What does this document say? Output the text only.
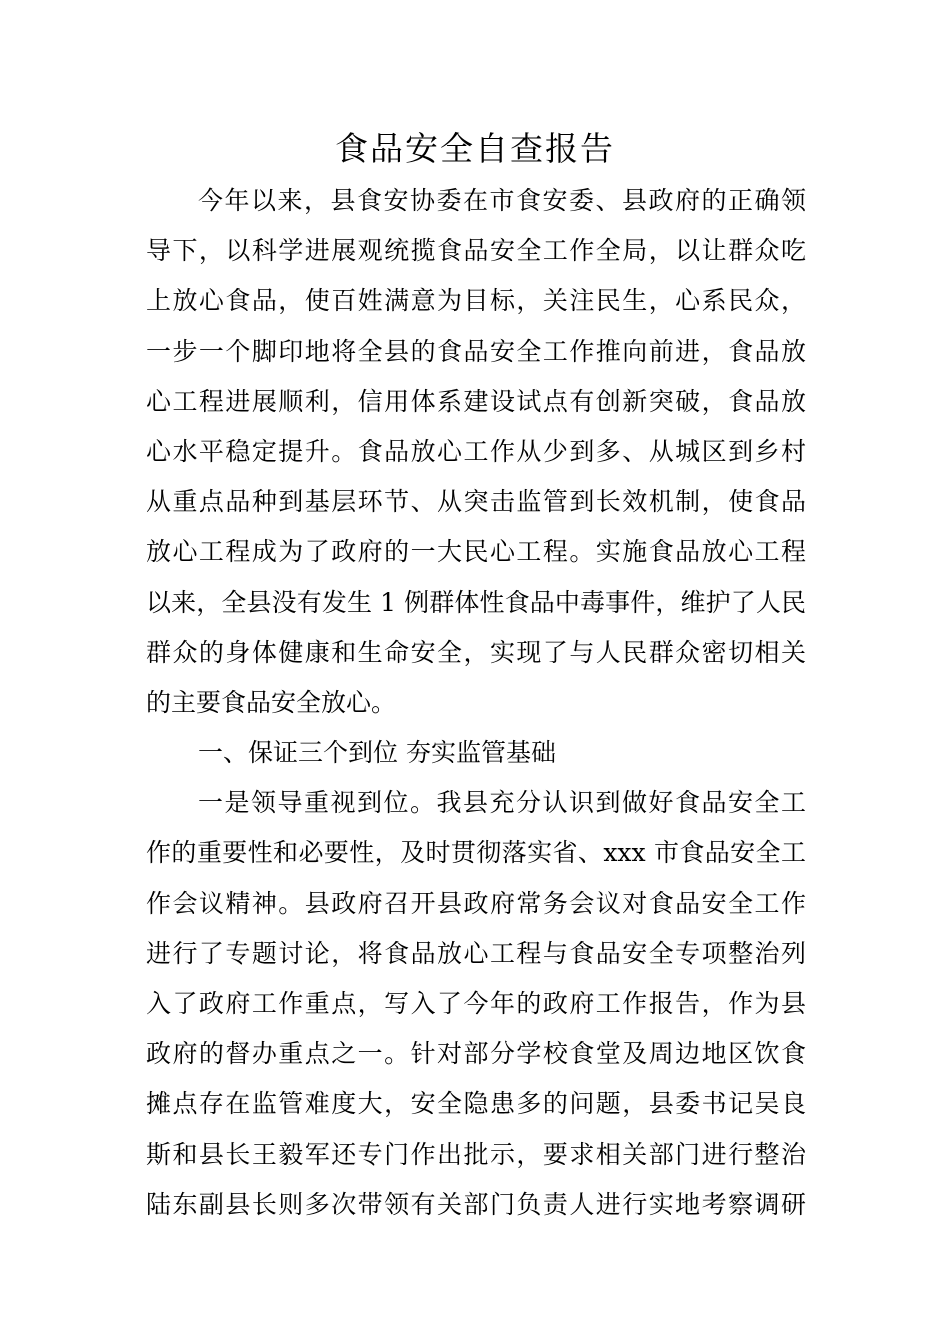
食品安全自查报告
今年以来，县食安协委在市食安委、县政府的正确领
导下，以科学进展观统揽食品安全工作全局，以让群众吃
上放心食品，使百姓满意为目标，关注民生，心系民众，
一步一个脚印地将全县的食品安全工作推向前进，食品放
心工程进展顺利，信用体系建设试点有创新突破，食品放
心水平稳定提升。食品放心工作从少到多、从城区到乡村
从重点品种到基层环节、从突击监管到长效机制，使食品
放心工程成为了政府的一大民心工程。实施食品放心工程
以来，全县没有发生 1 例群体性食品中毒事件，维护了人民
群众的身体健康和生命安全，实现了与人民群众密切相关
的主要食品安全放心。
一、保证三个到位 夯实监管基础
一是领导重视到位。我县充分认识到做好食品安全工
作的重要性和必要性，及时贯彻落实省、xxx 市食品安全工
作会议精神。县政府召开县政府常务会议对食品安全工作
进行了专题讨论，将食品放心工程与食品安全专项整治列
入了政府工作重点，写入了今年的政府工作报告，作为县
政府的督办重点之一。针对部分学校食堂及周边地区饮食
摊点存在监管难度大，安全隐患多的问题，县委书记吴良
斯和县长王毅军还专门作出批示，要求相关部门进行整治
陆东副县长则多次带领有关部门负责人进行实地考察调研
